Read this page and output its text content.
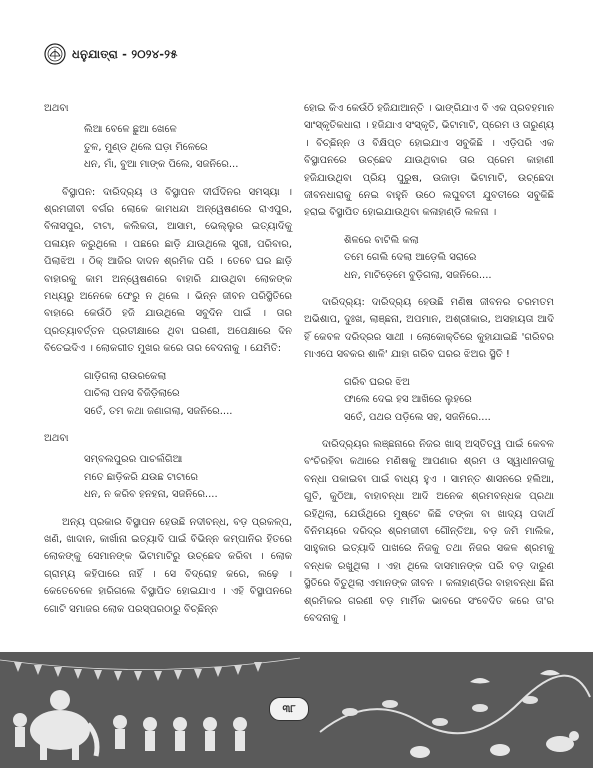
ଧନୁଯାତ୍ରା - ୨୦୨୪-୨୫

ଅଥବା

ଲିଆ ବେଳେ ଛୁଆ ଖେଳେ
ତୁଳ, ମୁଣ୍ଡ ଥିଲେ ଘଡ଼ା ମିଳେରେ
ଧନ, ମାଁ, ବୁଆ ମାଙ୍କ ପିଲେ, ସଜନିରେ...

ବିସ୍ଥାପନ: ଦାରିଦ୍ର୍ୟ ଓ ବିସ୍ଥାପନ ଦୀର୍ଘଦିନର ସମସ୍ୟା । ଶ୍ରମଜୀବୀ ବର୍ଗର ଲୋକେ କାମଧନ୍ଦା ଅନ୍ୱେଷଣରେ ରାଏପୁର, ବିଳାସପୁର, ଟାଟା, କଲିକତା, ଆସାମ, ଭେଲ୍ଲୁର ଇତ୍ୟାଦିକୁ ପଳାୟନ କରୁଥିଲେ । ପଛରେ ଛାଡ଼ି ଯାଉଥିଲେ ସ୍ତ୍ରୀ, ପରିବାର, ପିଲାଝିଅ । ଠିକ୍ ଆଜିର ଦାଦନ ଶ୍ରମିକ ପରି । ତେବେ ଘର ଛାଡ଼ି ବାହାରକୁ କାମ ଅନ୍ୱେଷଣରେ ବାହାରି ଯାଉଥିବା ଲୋକଙ୍କ ମଧ୍ୟରୁ ଅନେକେ ଫେରୁ ନ ଥିଲେ । ଭିନ୍ନ ଜୀବନ ପରିସ୍ଥିତିରେ ବାହାରେ କେଉଁଠି ହଜି ଯାଉଥିଲେ ସବୁଦିନ ପାଇଁ । ତାର ପ୍ରତ୍ୟାବର୍ତ୍ତନ ପ୍ରତୀକ୍ଷାରେ ଥିବା ଘରଣୀ, ଅପେକ୍ଷାରେ ଦିନ ବିତେଇଦିଏ । ଲୋକଗୀତ ମୁଖର କରେ ତାର ବେଦନାକୁ । ଯେମିତି:

ଗାଡ଼ିଗଲା ରାଉରକେଲା
ପାଚିଲା ପନସ ବିଜିଡ଼ିଲାରେ
ସତେଁ, ତମ କଥା ଜଣାଗଲା, ସଜନିରେ....

ଅଥବା

ସମ୍ବଲପୁରର ପାଚଲଁଗିଆ
ମତେ ଛାଡ଼ିକରି ଯଉଛ ଟାଟାରେ
ଧନ, ନ କରିବ ହନହନା, ସଜନିରେ....

ଅନ୍ୟ ପ୍ରକାର ବିସ୍ଥାପନ ହେଉଛି ନଦୀବନ୍ଧ, ବଡ଼ ପ୍ରକଳ୍ପ, ଖଣି, ଖାଦାନ, କାର୍ଖାନା ଇତ୍ୟାଦି ପାଇଁ ବିଭିନ୍ନ କମ୍ପାନିର ହିତରେ ଲୋକଙ୍କୁ ସେମାନଙ୍କ ଭିଟାମାଟିରୁ ଉଚ୍ଛେଦ କରିବା । ଲୋକ ଗ୍ରାମ୍ୟ କହିପାରେ ନାହିଁ । ସେ ବିଦ୍ରୋହ କରେ, ଲଢ଼େ । କେତେବେଳେ ହାରିଗଲେ ବିସ୍ଥାପିତ ହୋଇଯାଏ । ଏହି ବିସ୍ଥାପନରେ ଗୋଟି ସମାଜର ଲୋକ ପରସ୍ପରଠାରୁ ବିଚ୍ଛିନ୍ନ

ହୋଇ କିଏ କେଉଁଠି ହଜିଯାଆନ୍ତି । ଭାଙ୍ଗିଯାଏ ବି ଏକ ପ୍ରବହମାନ ସାଂସ୍କୃତିକଧାରା । ହଜିଯାଏ ସଂସ୍କୃତି, ଭିଟାମାଟି, ପ୍ରେମ ଓ ତାରୁଣ୍ୟ । ବିଚ୍ଛିନ୍ନ ଓ ବିକ୍ଷିପ୍ତ ହୋଇଯାଏ ସବୁକିଛି । ଏଡ଼ିପରି ଏକ ବିସ୍ଥାପନରେ ଉଚ୍ଛେଦ ଯାଉଥିବାର ତାର ପ୍ରେମ କାହାଣୀ ହଜିଯାଉଥିବା ପ୍ରିୟ ପୁରୁଷ, ଉଜାଡ଼ା ଭିଟାମାଟି, ଉଚ୍ଛେଦା ଜୀବନଧାରାକୁ ନେଇ ବାହୁନି ଉଠେ ଲଘୁବତୀ ଯୁବତୀରେ ସବୁକିଛି ହରାଇ ବିସ୍ଥାପିତ ହୋଇଯାଉଥିବା କଳାହାଣ୍ଡି ଲଳନା ।

ଶିଳରେ ବାଟିଲି କଲା
ତମେ ଗେଲି ଦେଲା ଆଡ଼େଲି ସରାରେ
ଧନ, ମାଟିଡ଼େମେ ବୁଡ଼ିଗଲା, ସଜନିରେ....

ଦାରିଦ୍ର୍ୟ: ଦାରିଦ୍ର୍ୟ ହେଉଛି ମଣିଷ ଜୀବନର ଚରମତମ ଅଭିଶାପ, ଦୁଃଖ, ଲାଞ୍ଛନା, ଅପମାନ, ଅଶ୍ରୀକାର, ଅସହାୟତା ଆଦି ହିଁ କେବଳ ଦରିଦ୍ରର ସାଥୀ । ଲୋକୋକ୍ତିରେ କୁହାଯାଇଛି 'ଗରିବର ମାଏପେ ସବକର ଶାଳି' ଯାହା ଗରିବ ଘରର ଝିଅର ସ୍ଥିତି !

ଗରିବ ଘରର ଝିଅ
ଫାଲେ ଦେଇ ହସ ଆଖିରେ ଲୁହରେ
ସତେଁ, ପଥର ପଡ଼ିଲେ ସହ, ସଜନିରେ....

ଦାରିଦ୍ର୍ୟର ଲଞ୍ଛନାରେ ନିଜର ଖାସ୍ ଅସ୍ତିତ୍ୱ ପାଇଁ କେବଳ ବଂଚିରହିବା କଥାରେ ମଣିଷକୁ ଆପଣାର ଶ୍ରମ ଓ ସ୍ୱାଧୀନତାକୁ ବନ୍ଧା ପକାଇବା ପାଇଁ ବାଧ୍ୟ ହୁଏ । ସାମନ୍ତ ଶାସନରେ ହଲିଆ, ଗୁତି, କୁଠିଆ, ବାହାବନ୍ଧା ଆଦି ଅନେକ ଶ୍ରମବନ୍ଧକ ପ୍ରଥା ରହିଥିଲା, ଯେଉଁଥିରେ ମୁଷ୍ଟେ କିଛି ଟଙ୍କା ବା ଖାଦ୍ୟ ପଦାର୍ଥ ବିନିମୟରେ ଦରିଦ୍ର ଶ୍ରମଜୀବୀ ଗୌନ୍ତିଆ, ବଡ଼ ଜମି ମାଲିକ, ସାହୁକାର ଇତ୍ୟାଦି ପାଖରେ ନିଜକୁ ତଥା ନିଜର ସକଳ ଶ୍ରମକୁ ବନ୍ଧକ ରଖୁଥିଲା । ଏହା ଥିଲେ ଦାସମାନଙ୍କ ପରି ବଡ଼ ଦାରୁଣ ସ୍ଥିତିରେ ବିତୁଥିଲା ଏମାନଙ୍କ ଜୀବନ । କଳାହାଣ୍ଡିର ବାହାବନ୍ଧା ଛିନା ଶ୍ରମିକର ଗରଣୀ ବଡ଼ ମାର୍ମିକ ଭାବରେ ସଂବେଦିତ କରେ ତା'ର ବେଦନାକୁ ।

୩୮
